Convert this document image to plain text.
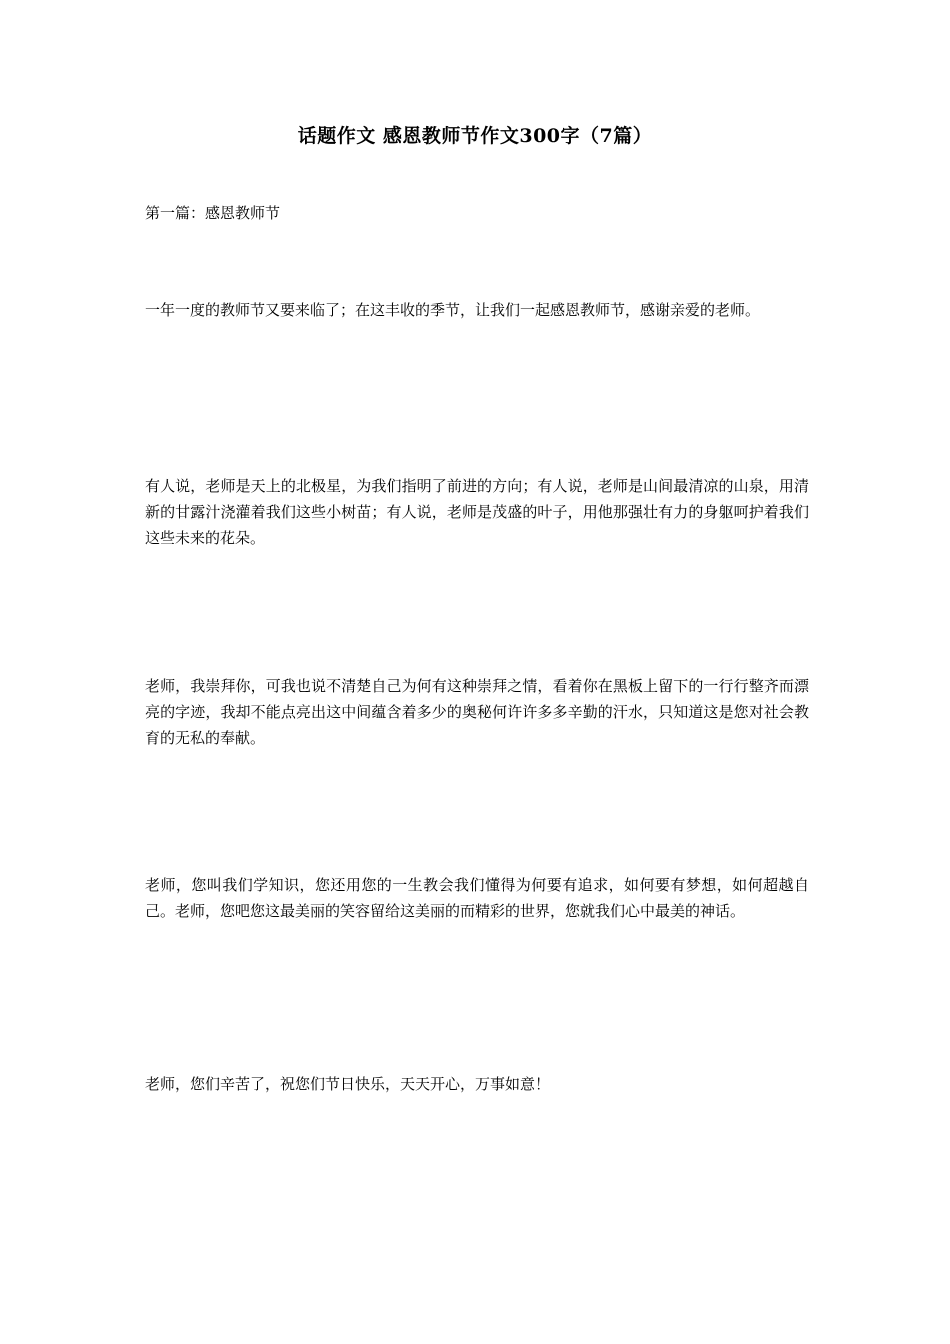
话题作文 感恩教师节作文300字（7篇）

第一篇：感恩教师节

一年一度的教师节又要来临了；在这丰收的季节，让我们一起感恩教师节，感谢亲爱的老师。

有人说，老师是天上的北极星，为我们指明了前进的方向；有人说，老师是山间最清凉的山泉，用清新的甘露汁浇灌着我们这些小树苗；有人说，老师是茂盛的叶子，用他那强壮有力的身躯呵护着我们这些未来的花朵。

老师，我崇拜你，可我也说不清楚自己为何有这种崇拜之情，看着你在黑板上留下的一行行整齐而漂亮的字迹，我却不能点亮出这中间蕴含着多少的奥秘何许许多多辛勤的汗水，只知道这是您对社会教育的无私的奉献。

老师，您叫我们学知识，您还用您的一生教会我们懂得为何要有追求，如何要有梦想，如何超越自己。老师，您吧您这最美丽的笑容留给这美丽的而精彩的世界，您就我们心中最美的神话。

老师，您们辛苦了，祝您们节日快乐，天天开心，万事如意！
